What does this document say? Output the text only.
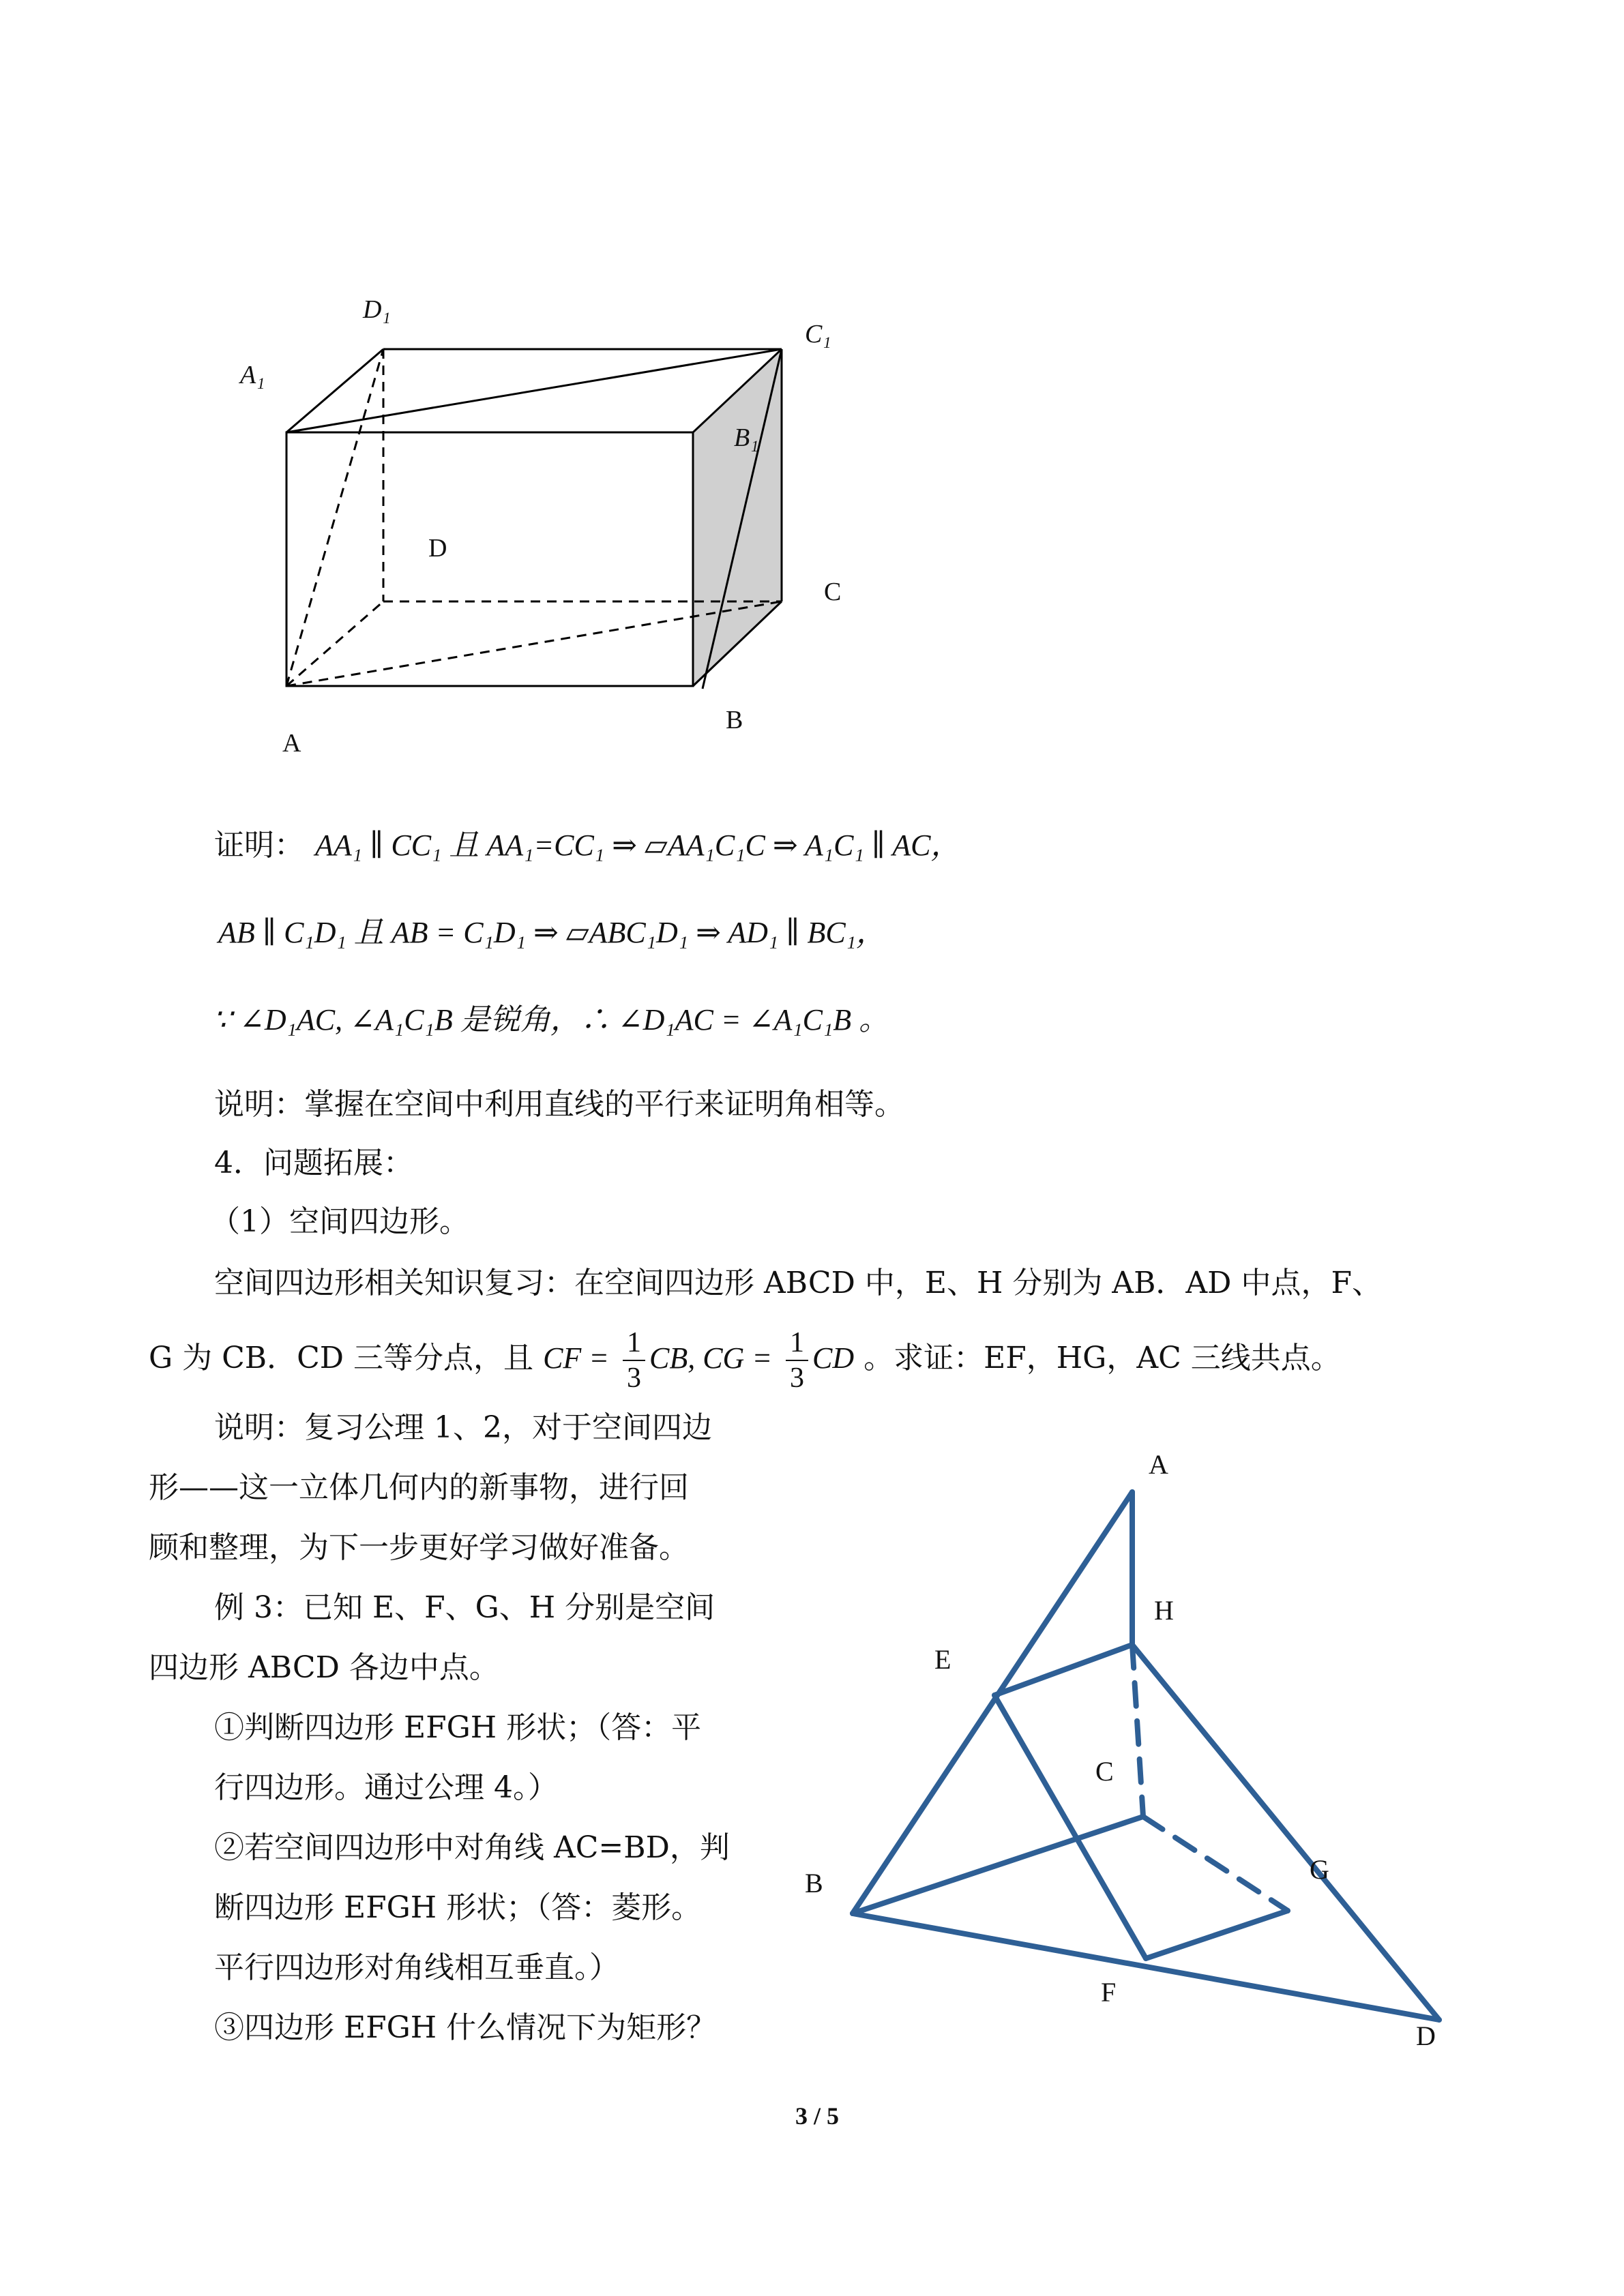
D₁
C₁
A₁
B₁
D
C
B
A
证明： AA₁ ∥ CC₁ 且 AA₁=CC₁ ⇒ ▱AA₁C₁C ⇒ A₁C₁ ∥ AC，
AB ∥ C₁D₁ 且 AB = C₁D₁ ⇒ ▱ABC₁D₁ ⇒ AD₁ ∥ BC₁，
∵ ∠D₁AC, ∠A₁C₁B 是锐角，∴ ∠D₁AC = ∠A₁C₁B 。
说明：掌握在空间中利用直线的平行来证明角相等。
4．问题拓展：
（1）空间四边形。
空间四边形相关知识复习：在空间四边形 ABCD 中，E、H 分别为 AB．AD 中点，F、
G 为 CB．CD 三等分点，且 CF = $\frac{1}{3}$ CB, CG = $\frac{1}{3}$ CD 。求证：EF，HG，AC 三线共点。
说明：复习公理 1、2，对于空间四边
形——这一立体几何内的新事物，进行回
顾和整理，为下一步更好学习做好准备。
例 3：已知 E、F、G、H 分别是空间
四边形 ABCD 各边中点。
①判断四边形 EFGH 形状；（答：平
行四边形。通过公理 4。）
②若空间四边形中对角线 AC=BD，判
断四边形 EFGH 形状；（答：菱形。
平行四边形对角线相互垂直。）
③四边形 EFGH 什么情况下为矩形？
A
H
E
C
B	G
F
D
3 / 5
